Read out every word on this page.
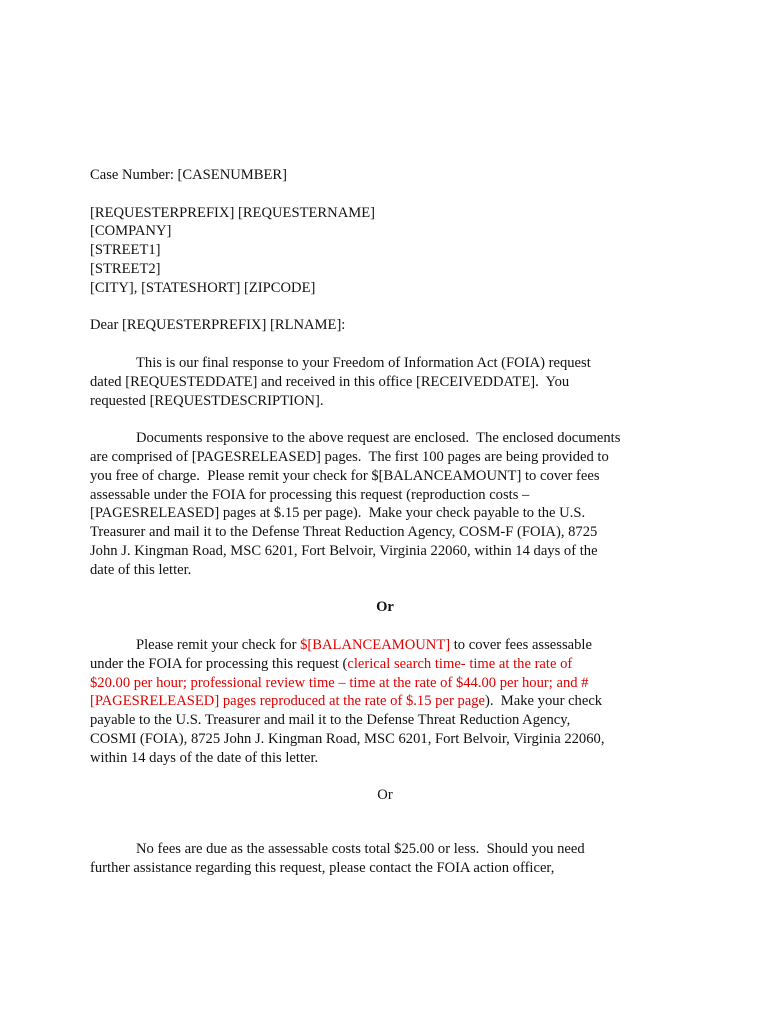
Case Number: [CASENUMBER]
[REQUESTERPREFIX] [REQUESTERNAME]
[COMPANY]
[STREET1]
[STREET2]
[CITY], [STATESHORT] [ZIPCODE]
Dear [REQUESTERPREFIX] [RLNAME]:
This is our final response to your Freedom of Information Act (FOIA) request
dated [REQUESTEDDATE] and received in this office [RECEIVEDDATE].  You
requested [REQUESTDESCRIPTION].
Documents responsive to the above request are enclosed.  The enclosed documents
are comprised of [PAGESRELEASED] pages.  The first 100 pages are being provided to
you free of charge.  Please remit your check for $[BALANCEAMOUNT] to cover fees
assessable under the FOIA for processing this request (reproduction costs –
[PAGESRELEASED] pages at $.15 per page).  Make your check payable to the U.S.
Treasurer and mail it to the Defense Threat Reduction Agency, COSM-F (FOIA), 8725
John J. Kingman Road, MSC 6201, Fort Belvoir, Virginia 22060, within 14 days of the
date of this letter.
Or
Please remit your check for $[BALANCEAMOUNT] to cover fees assessable
under the FOIA for processing this request (clerical search time- time at the rate of
$20.00 per hour; professional review time – time at the rate of $44.00 per hour; and #
[PAGESRELEASED] pages reproduced at the rate of $.15 per page).  Make your check
payable to the U.S. Treasurer and mail it to the Defense Threat Reduction Agency,
COSMI (FOIA), 8725 John J. Kingman Road, MSC 6201, Fort Belvoir, Virginia 22060,
within 14 days of the date of this letter.
Or
No fees are due as the assessable costs total $25.00 or less.  Should you need
further assistance regarding this request, please contact the FOIA action officer,
